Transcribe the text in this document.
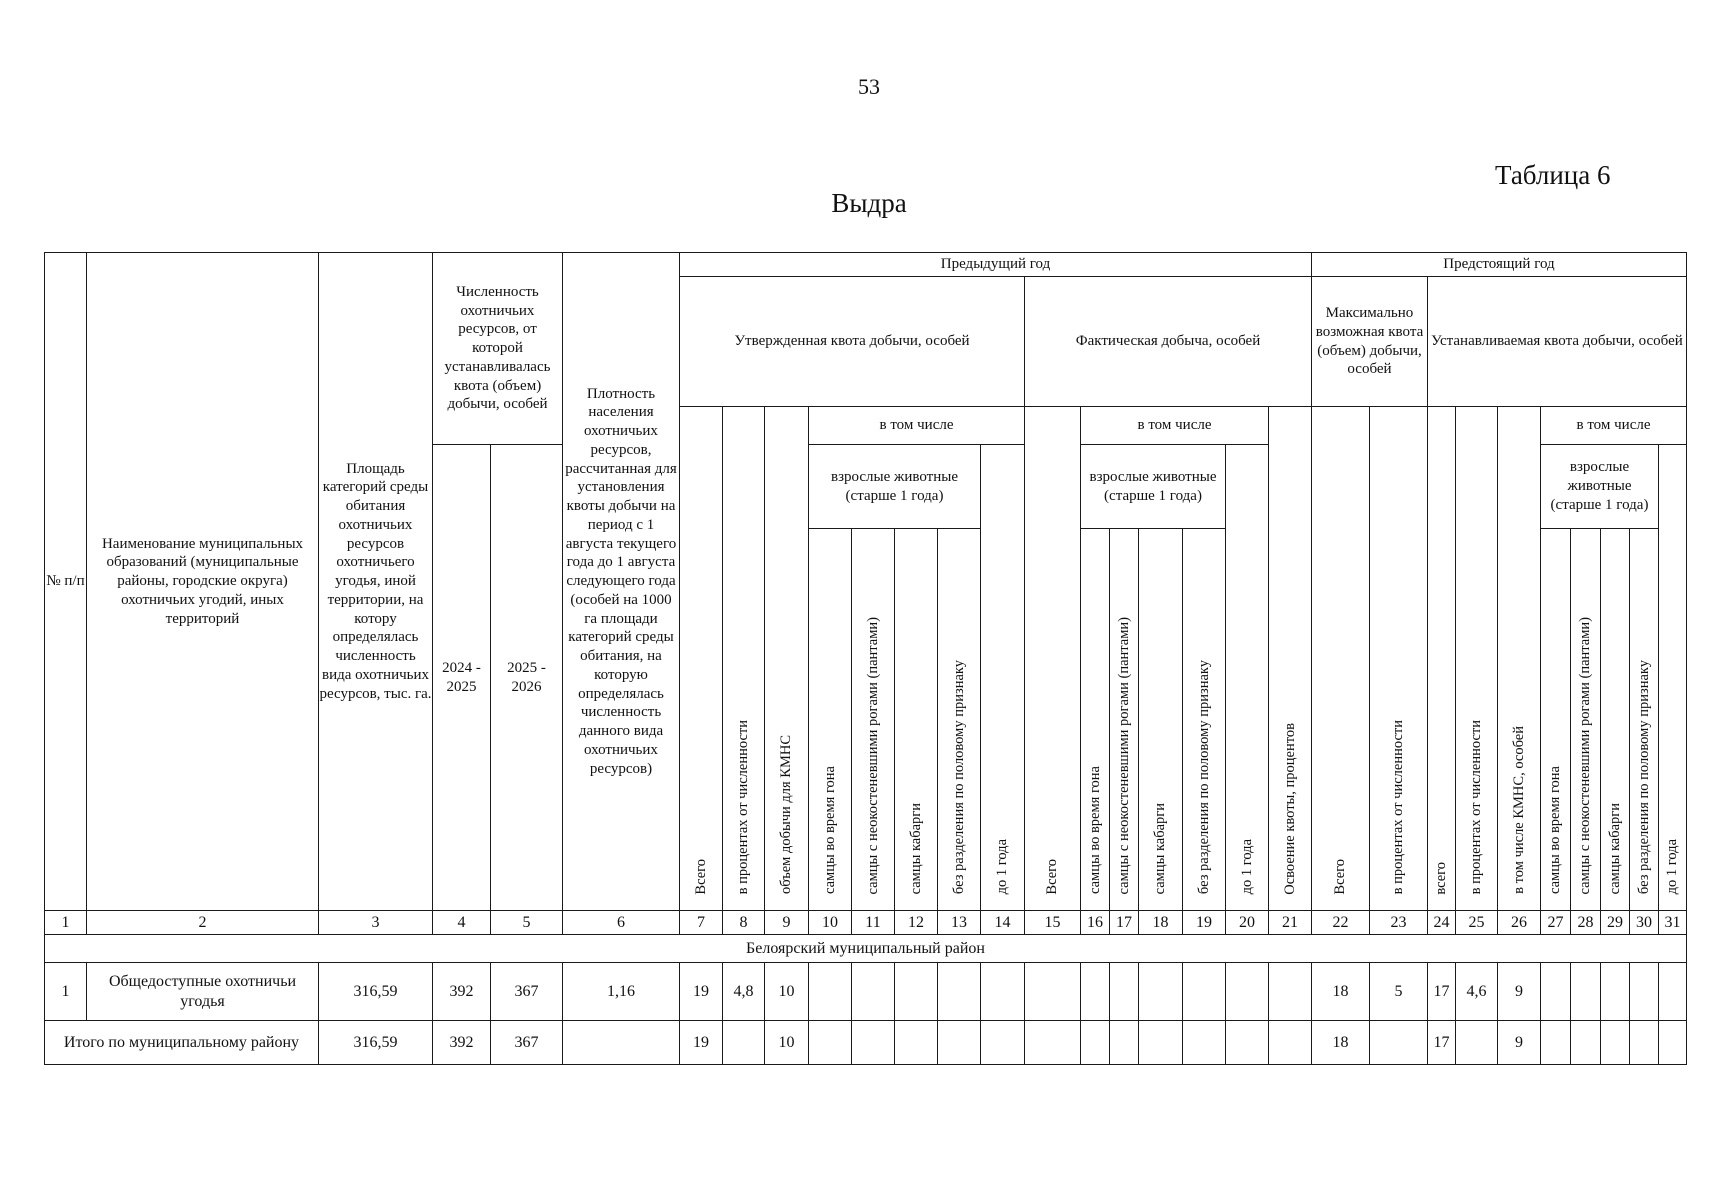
53
Таблица 6
Выдра
№ п/п	Наименование муниципальных образований (муниципальные районы, городские округа) охотничьих угодий, иных территорий	Площадь категорий среды обитания охотничьих ресурсов охотничьего угодья, иной территории, на котору определялась численность вида охотничьих ресурсов, тыс. га.	Численность охотничьих ресурсов, от которой устанавливалась квота (объем) добычи, особей		Плотность населения охотничьих ресурсов, рассчитанная для установления квоты добычи на период с 1 августа текущего года до 1 августа следующего года (особей на 1000 га площади категорий среды обитания, на которую определялась численность данного вида охотничьих ресурсов)	Предыдущий год															Предстоящий год									
						Утвержденная квота добычи, особей								Фактическая добыча, особей							Максимально возможная квота (объем) добычи, особей		Устанавливаемая квота добычи, особей							
						Всего	в процентах от численности	объем добычи для КМНС	в том числе					Всего	в том числе					Освоение квоты, процентов	Всего	в процентах от численности	всего	в процентах от численности	в том числе КМНС, особей	в том числе				
			2024 - 2025	2025 - 2026					взрослые животные (старше 1 года)				до 1 года		взрослые животные (старше 1 года)				до 1 года							взрослые животные (старше 1 года)				до 1 года
									самцы во время гона	самцы с неокостеневшими рогами (пантами)	самцы кабарги	без разделения по половому признаку			самцы во время гона	самцы с неокостеневшими рогами (пантами)	самцы кабарги	без разделения по половому признаку								самцы во время гона	самцы с неокостеневшими рогами (пантами)	самцы кабарги	без разделения по половому признаку	
1	2	3	4	5	6	7	8	9	10	11	12	13	14	15	16	17	18	19	20	21	22	23	24	25	26	27	28	29	30	31
Белоярский муниципальный район																														
1	Общедоступные охотничьи угодья	316,59	392	367	1,16	19	4,8	10													18	5	17	4,6	9					
Итого по муниципальному району		316,59	392	367		19		10													18		17		9					
